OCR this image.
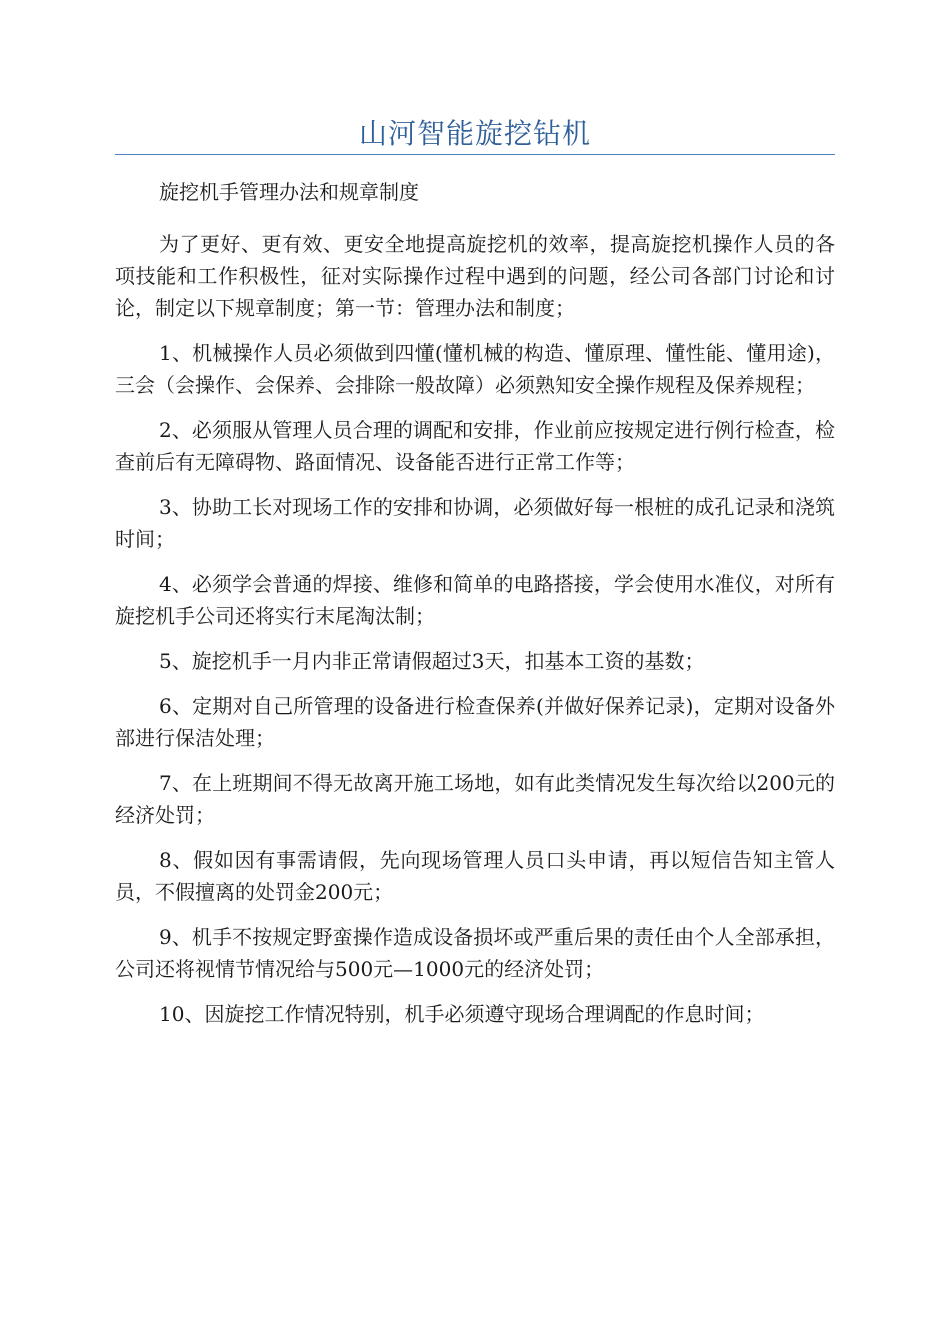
山河智能旋挖钻机

旋挖机手管理办法和规章制度

为了更好、更有效、更安全地提高旋挖机的效率，提高旋挖机操作人员的各项技能和工作积极性，征对实际操作过程中遇到的问题，经公司各部门讨论和讨论，制定以下规章制度；第一节：管理办法和制度；

1、机械操作人员必须做到四懂(懂机械的构造、懂原理、懂性能、懂用途)，三会（会操作、会保养、会排除一般故障）必须熟知安全操作规程及保养规程；

2、必须服从管理人员合理的调配和安排，作业前应按规定进行例行检查，检查前后有无障碍物、路面情况、设备能否进行正常工作等；

3、协助工长对现场工作的安排和协调，必须做好每一根桩的成孔记录和浇筑时间；

4、必须学会普通的焊接、维修和简单的电路搭接，学会使用水准仪，对所有旋挖机手公司还将实行末尾淘汰制；

5、旋挖机手一月内非正常请假超过3天，扣基本工资的基数；

6、定期对自己所管理的设备进行检查保养(并做好保养记录)，定期对设备外部进行保洁处理；

7、在上班期间不得无故离开施工场地，如有此类情况发生每次给以200元的经济处罚；

8、假如因有事需请假，先向现场管理人员口头申请，再以短信告知主管人员，不假擅离的处罚金200元；

9、机手不按规定野蛮操作造成设备损坏或严重后果的责任由个人全部承担，公司还将视情节情况给与500元—1000元的经济处罚；

10、因旋挖工作情况特别，机手必须遵守现场合理调配的作息时间；
